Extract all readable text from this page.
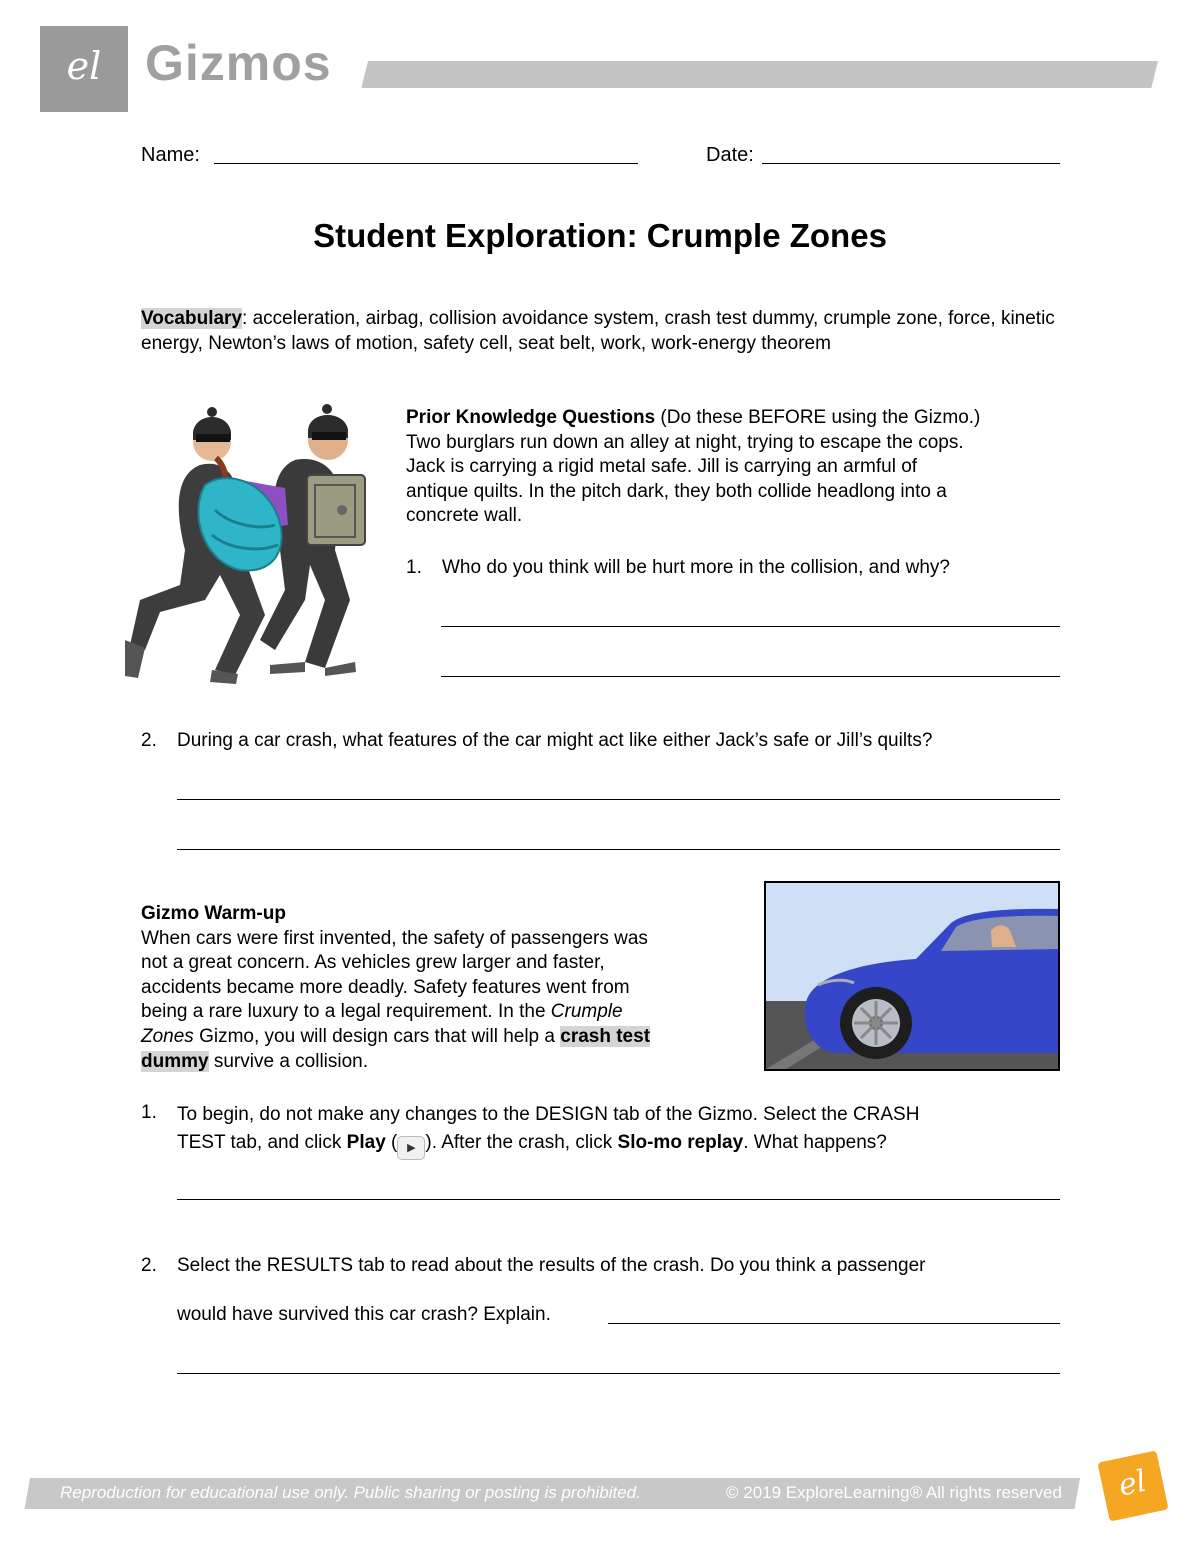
el Gizmos
Name:	Date:
Student Exploration: Crumple Zones
Vocabulary: acceleration, airbag, collision avoidance system, crash test dummy, crumple zone, force, kinetic energy, Newton’s laws of motion, safety cell, seat belt, work, work-energy theorem
Prior Knowledge Questions (Do these BEFORE using the Gizmo.)
Two burglars run down an alley at night, trying to escape the cops.
Jack is carrying a rigid metal safe. Jill is carrying an armful of
antique quilts. In the pitch dark, they both collide headlong into a
concrete wall.
1. Who do you think will be hurt more in the collision, and why?
2. During a car crash, what features of the car might act like either Jack’s safe or Jill’s quilts?
Gizmo Warm-up
When cars were first invented, the safety of passengers was
not a great concern. As vehicles grew larger and faster,
accidents became more deadly. Safety features went from
being a rare luxury to a legal requirement. In the Crumple
Zones Gizmo, you will design cars that will help a crash test
dummy survive a collision.
1. To begin, do not make any changes to the DESIGN tab of the Gizmo. Select the CRASH
TEST tab, and click Play ( ▶ ). After the crash, click Slo-mo replay. What happens?
2. Select the RESULTS tab to read about the results of the crash. Do you think a passenger
would have survived this car crash? Explain.
Reproduction for educational use only. Public sharing or posting is prohibited.	© 2019 ExploreLearning® All rights reserved	el
